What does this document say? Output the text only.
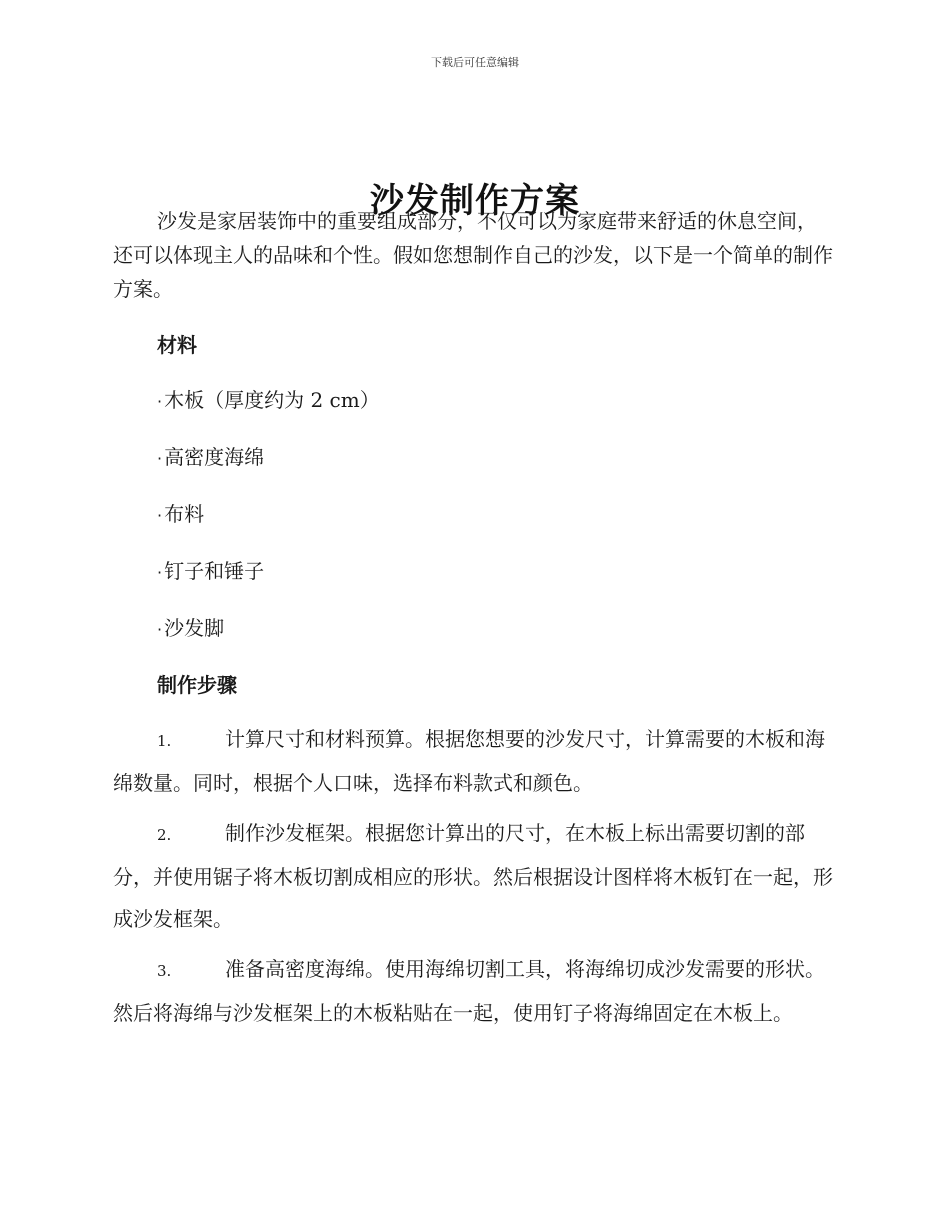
下载后可任意编辑
沙发制作方案

沙发是家居装饰中的重要组成部分，不仅可以为家庭带来舒适的休息空间，还可以体现主人的品味和个性。假如您想制作自己的沙发，以下是一个简单的制作方案。

材料
· 木板（厚度约为 2 cm）
· 高密度海绵
· 布料
· 钉子和锤子
· 沙发脚
制作步骤

1.	计算尺寸和材料预算。根据您想要的沙发尺寸，计算需要的木板和海绵数量。同时，根据个人口味，选择布料款式和颜色。

2.	制作沙发框架。根据您计算出的尺寸，在木板上标出需要切割的部分，并使用锯子将木板切割成相应的形状。然后根据设计图样将木板钉在一起，形成沙发框架。

3.	准备高密度海绵。使用海绵切割工具，将海绵切成沙发需要的形状。然后将海绵与沙发框架上的木板粘贴在一起，使用钉子将海绵固定在木板上。
